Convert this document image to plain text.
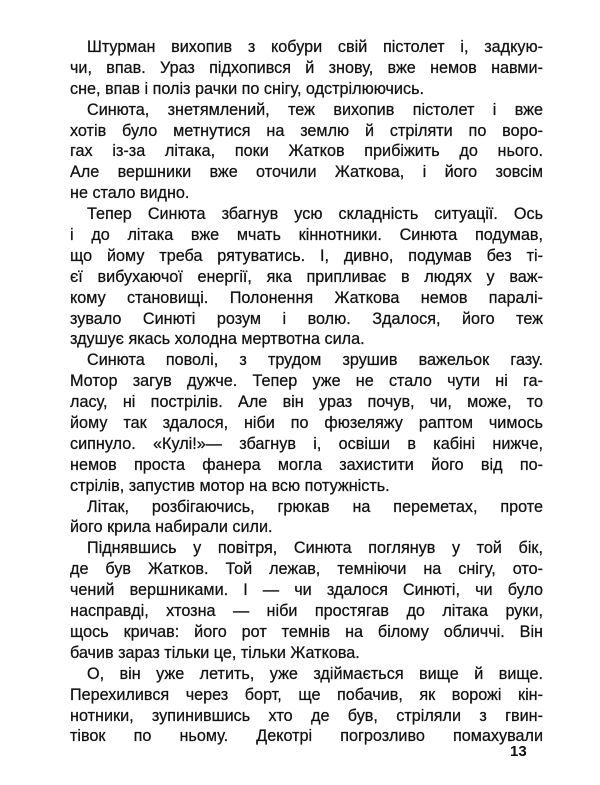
Штурман вихопив з кобури свій пістолет і, задкую-
чи, впав. Ураз підхопився й знову, вже немов навми-
сне, впав і поліз рачки по снігу, одстрілюючись.
Синюта, знетямлений, теж вихопив пістолет і вже
хотів було метнутися на землю й стріляти по воро-
гах із-за літака, поки Жатков прибіжить до нього.
Але вершники вже оточили Жаткова, і його зовсім
не стало видно.
Тепер Синюта збагнув усю складність ситуації. Ось
і до літака вже мчать кіннотники. Синюта подумав,
що йому треба рятуватись. І, дивно, подумав без ті-
єї вибухаючої енергії, яка припливає в людях у важ-
кому становищі. Полонення Жаткова немов паралі-
зувало Синюті розум і волю. Здалося, його теж
здушує якась холодна мертвотна сила.
Синюта поволі, з трудом зрушив важельок газу.
Мотор загув дужче. Тепер уже не стало чути ні га-
ласу, ні пострілів. Але він ураз почув, чи, може, то
йому так здалося, ніби по фюзеляжу раптом чимось
сипнуло. «Кулі!»— збагнув і, освіши в кабіні нижче,
немов проста фанера могла захистити його від по-
стрілів, запустив мотор на всю потужність.
Літак, розбігаючись, грюкав на переметах, проте
його крила набирали сили.
Піднявшись у повітря, Синюта поглянув у той бік,
де був Жатков. Той лежав, темніючи на снігу, ото-
чений вершниками. І — чи здалося Синюті, чи було
насправді, хтозна — ніби простягав до літака руки,
щось кричав: його рот темнів на білому обличчі. Він
бачив зараз тільки це, тільки Жаткова.
О, він уже летить, уже здіймається вище й вище.
Перехилився через борт, ще побачив, як ворожі кін-
нотники, зупинившись хто де був, стріляли з гвин-
тівок по ньому. Декотрі погрозливо помахували
13
